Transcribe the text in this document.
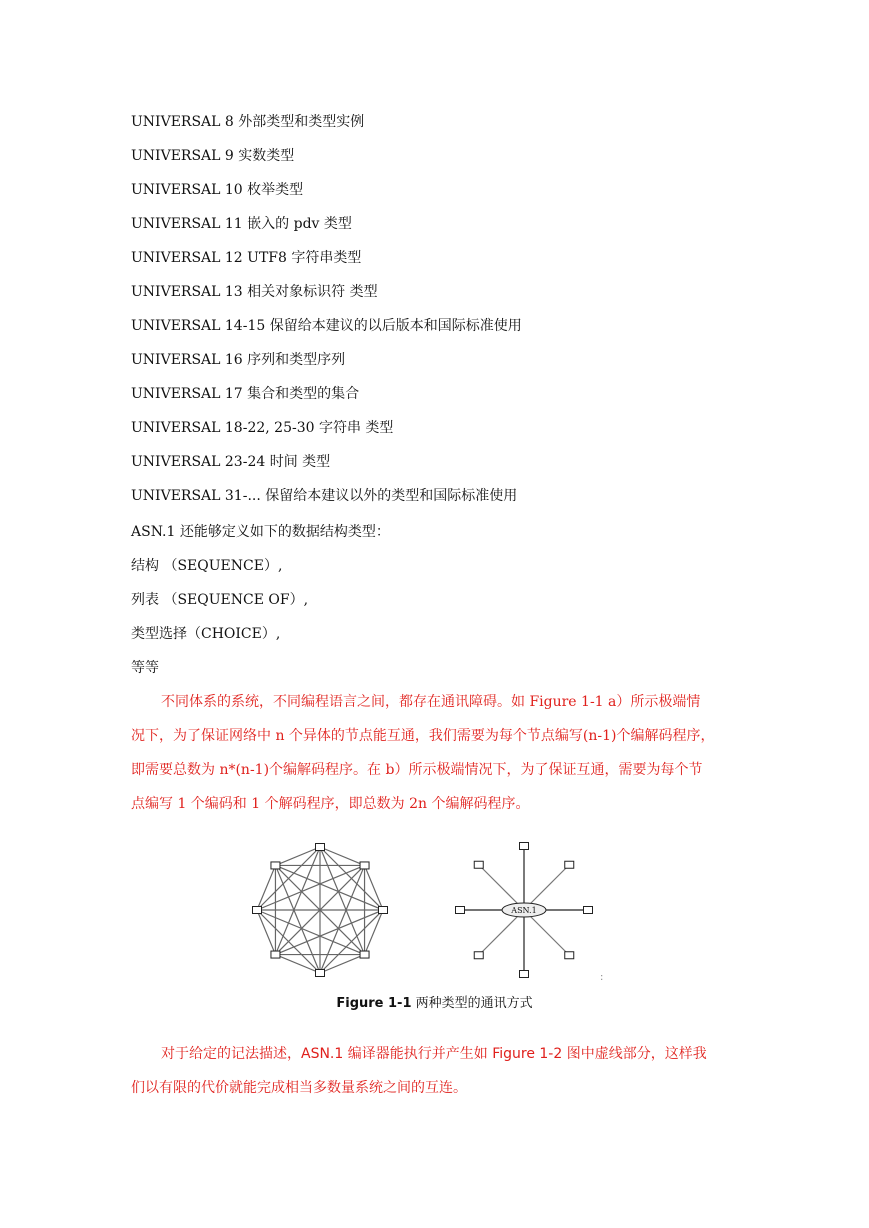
UNIVERSAL 8 外部类型和类型实例
UNIVERSAL 9 实数类型
UNIVERSAL 10 枚举类型
UNIVERSAL 11 嵌入的 pdv 类型
UNIVERSAL 12 UTF8 字符串类型
UNIVERSAL 13 相关对象标识符 类型
UNIVERSAL 14-15 保留给本建议的以后版本和国际标准使用
UNIVERSAL 16 序列和类型序列
UNIVERSAL 17 集合和类型的集合
UNIVERSAL 18-22, 25-30 字符串 类型
UNIVERSAL 23-24 时间 类型
UNIVERSAL 31-... 保留给本建议以外的类型和国际标准使用
ASN.1 还能够定义如下的数据结构类型：
结构 （SEQUENCE）,
列表 （SEQUENCE OF）,
类型选择（CHOICE）,
等等
不同体系的系统，不同编程语言之间，都存在通讯障碍。如 Figure 1-1 a）所示极端情
况下，为了保证网络中 n 个异体的节点能互通，我们需要为每个节点编写(n-1)个编解码程序，
即需要总数为 n*(n-1)个编解码程序。在 b）所示极端情况下，为了保证互通，需要为每个节
点编写 1 个编码和 1 个解码程序，即总数为 2n 个编解码程序。
ASN.1
:
Figure 1-1 两种类型的通讯方式
对于给定的记法描述，ASN.1 编译器能执行并产生如 Figure 1-2 图中虚线部分，这样我
们以有限的代价就能完成相当多数量系统之间的互连。
